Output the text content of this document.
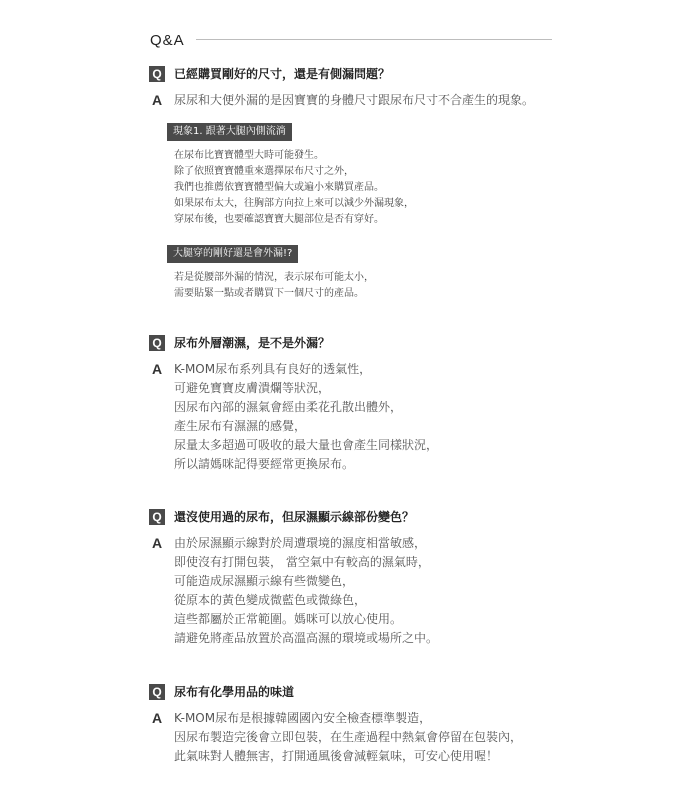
Q&A
Q 已經購買剛好的尺寸，還是有側漏問題？
A 尿尿和大便外漏的是因寶寶的身體尺寸跟尿布尺寸不合產生的現象。
現象1. 跟著大腿內側流淌
在尿布比寶寶體型大時可能發生。
除了依照寶寶體重來選擇尿布尺寸之外，
我們也推薦依寶寶體型偏大或遍小來購買產品。
如果尿布太大，往胸部方向拉上來可以減少外漏現象，
穿尿布後，也要確認寶寶大腿部位是否有穿好。
大腿穿的剛好還是會外漏!?
若是從腰部外漏的情況，表示尿布可能太小，
需要貼緊一點或者購買下一個尺寸的產品。
Q 尿布外層潮濕，是不是外漏？
A K-MOM尿布系列具有良好的透氣性，
可避免寶寶皮膚潰爛等狀況，
因尿布內部的濕氣會經由柔花孔散出體外，
產生尿布有濕濕的感覺，
尿量太多超過可吸收的最大量也會產生同樣狀況，
所以請媽咪記得要經常更換尿布。
Q 還沒使用過的尿布，但尿濕顯示線部份變色？
A 由於尿濕顯示線對於周遭環境的濕度相當敏感，
即使沒有打開包裝， 當空氣中有較高的濕氣時，
可能造成尿濕顯示線有些微變色，
從原本的黃色變成微藍色或微綠色，
這些都屬於正常範圍。媽咪可以放心使用。
請避免將產品放置於高溫高濕的環境或場所之中。
Q 尿布有化學用品的味道
A K-MOM尿布是根據韓國國內安全檢查標準製造，
因尿布製造完後會立即包裝，在生產過程中熱氣會停留在包裝內，
此氣味對人體無害，打開通風後會減輕氣味，可安心使用喔！
